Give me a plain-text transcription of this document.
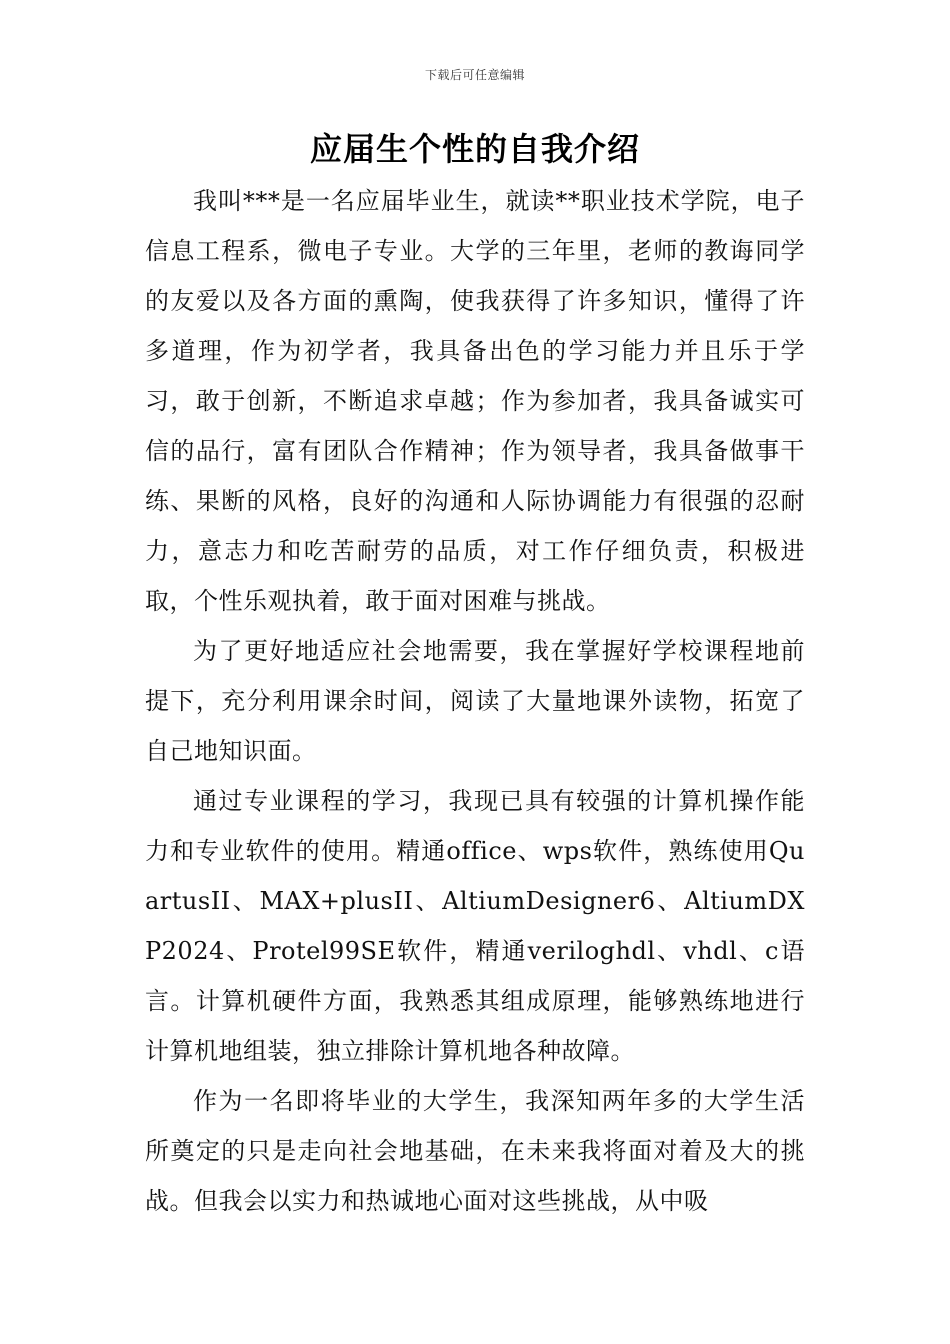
下载后可任意编辑
应届生个性的自我介绍

我叫***是一名应届毕业生，就读**职业技术学院，电子信息工程系，微电子专业。大学的三年里，老师的教诲同学的友爱以及各方面的熏陶，使我获得了许多知识，懂得了许多道理，作为初学者，我具备出色的学习能力并且乐于学习，敢于创新，不断追求卓越；作为参加者，我具备诚实可信的品行，富有团队合作精神；作为领导者，我具备做事干练、果断的风格，良好的沟通和人际协调能力有很强的忍耐力，意志力和吃苦耐劳的品质，对工作仔细负责，积极进取，个性乐观执着，敢于面对困难与挑战。

为了更好地适应社会地需要，我在掌握好学校课程地前提下，充分利用课余时间，阅读了大量地课外读物，拓宽了自己地知识面。

通过专业课程的学习，我现已具有较强的计算机操作能力和专业软件的使用。精通office、wps软件，熟练使用QuartusII、MAX+plusII、AltiumDesigner6、AltiumDXP2024、Protel99SE软件，精通veriloghdl、vhdl、c语言。计算机硬件方面，我熟悉其组成原理，能够熟练地进行计算机地组装，独立排除计算机地各种故障。

作为一名即将毕业的大学生，我深知两年多的大学生活所奠定的只是走向社会地基础，在未来我将面对着及大的挑战。但我会以实力和热诚地心面对这些挑战，从中吸
